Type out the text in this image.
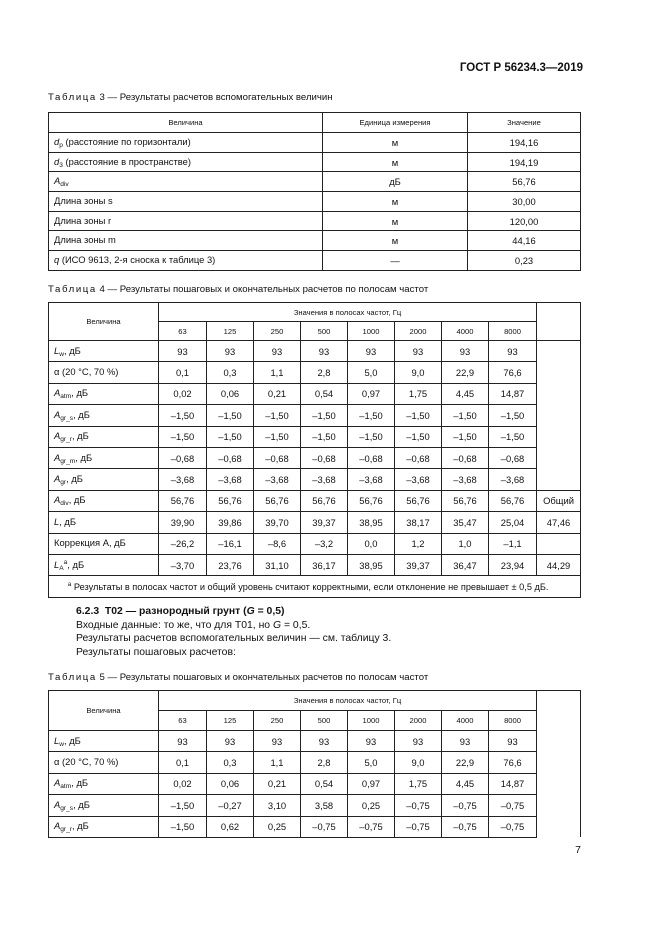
ГОСТ Р 56234.3—2019
Таблица 3 — Результаты расчетов вспомогательных величин
Величина	Единица измерения	Значение
$d_p$ (расстояние по горизонтали)	м	194,16
$d_3$ (расстояние в пространстве)	м	194,19
$A_{div}$	дБ	56,76
Длина зоны s	м	30,00
Длина зоны r	м	120,00
Длина зоны m	м	44,16
q (ИСО 9613, 2-я сноска к таблице 3)	—	0,23
Таблица 4 — Результаты пошаговых и окончательных расчетов по полосам частот
Величина	Значения в полосах частот, Гц								
	63	125	250	500	1000	2000	4000	8000	
$L_w$, дБ	93	93	93	93	93	93	93	93	
α (20 °С, 70 %)	0,1	0,3	1,1	2,8	5,0	9,0	22,9	76,6	
$A_{atm}$, дБ	0,02	0,06	0,21	0,54	0,97	1,75	4,45	14,87	
$A_{gr\_s}$, дБ	–1,50	–1,50	–1,50	–1,50	–1,50	–1,50	–1,50	–1,50	
$A_{gr\_r}$, дБ	–1,50	–1,50	–1,50	–1,50	–1,50	–1,50	–1,50	–1,50	
$A_{gr\_m}$, дБ	–0,68	–0,68	–0,68	–0,68	–0,68	–0,68	–0,68	–0,68	
$A_{gr}$, дБ	–3,68	–3,68	–3,68	–3,68	–3,68	–3,68	–3,68	–3,68	
$A_{div}$, дБ	56,76	56,76	56,76	56,76	56,76	56,76	56,76	56,76	Общий
L, дБ	39,90	39,86	39,70	39,37	38,95	38,17	35,47	25,04	47,46
Коррекция А, дБ	–26,2	–16,1	–8,6	–3,2	0,0	1,2	1,0	–1,1	
$L_A^a$, дБ	–3,70	23,76	31,10	36,17	38,95	39,37	36,47	23,94	44,29
$^a$ Результаты в полосах частот и общий уровень считают корректными, если отклонение не превышает ± 0,5 дБ.									
6.2.3 Т02 — разнородный грунт (G = 0,5)
Входные данные: то же, что для Т01, но G = 0,5.
Результаты расчетов вспомогательных величин — см. таблицу 3.
Результаты пошаговых расчетов:
Таблица 5 — Результаты пошаговых и окончательных расчетов по полосам частот
Величина	Значения в полосах частот, Гц								
	63	125	250	500	1000	2000	4000	8000	
$L_w$, дБ	93	93	93	93	93	93	93	93	
α (20 °С, 70 %)	0,1	0,3	1,1	2,8	5,0	9,0	22,9	76,6	
$A_{atm}$, дБ	0,02	0,06	0,21	0,54	0,97	1,75	4,45	14,87	
$A_{gr\_s}$, дБ	–1,50	–0,27	3,10	3,58	0,25	–0,75	–0,75	–0,75	
$A_{gr\_r}$, дБ	–1,50	0,62	0,25	–0,75	–0,75	–0,75	–0,75	–0,75	
7
